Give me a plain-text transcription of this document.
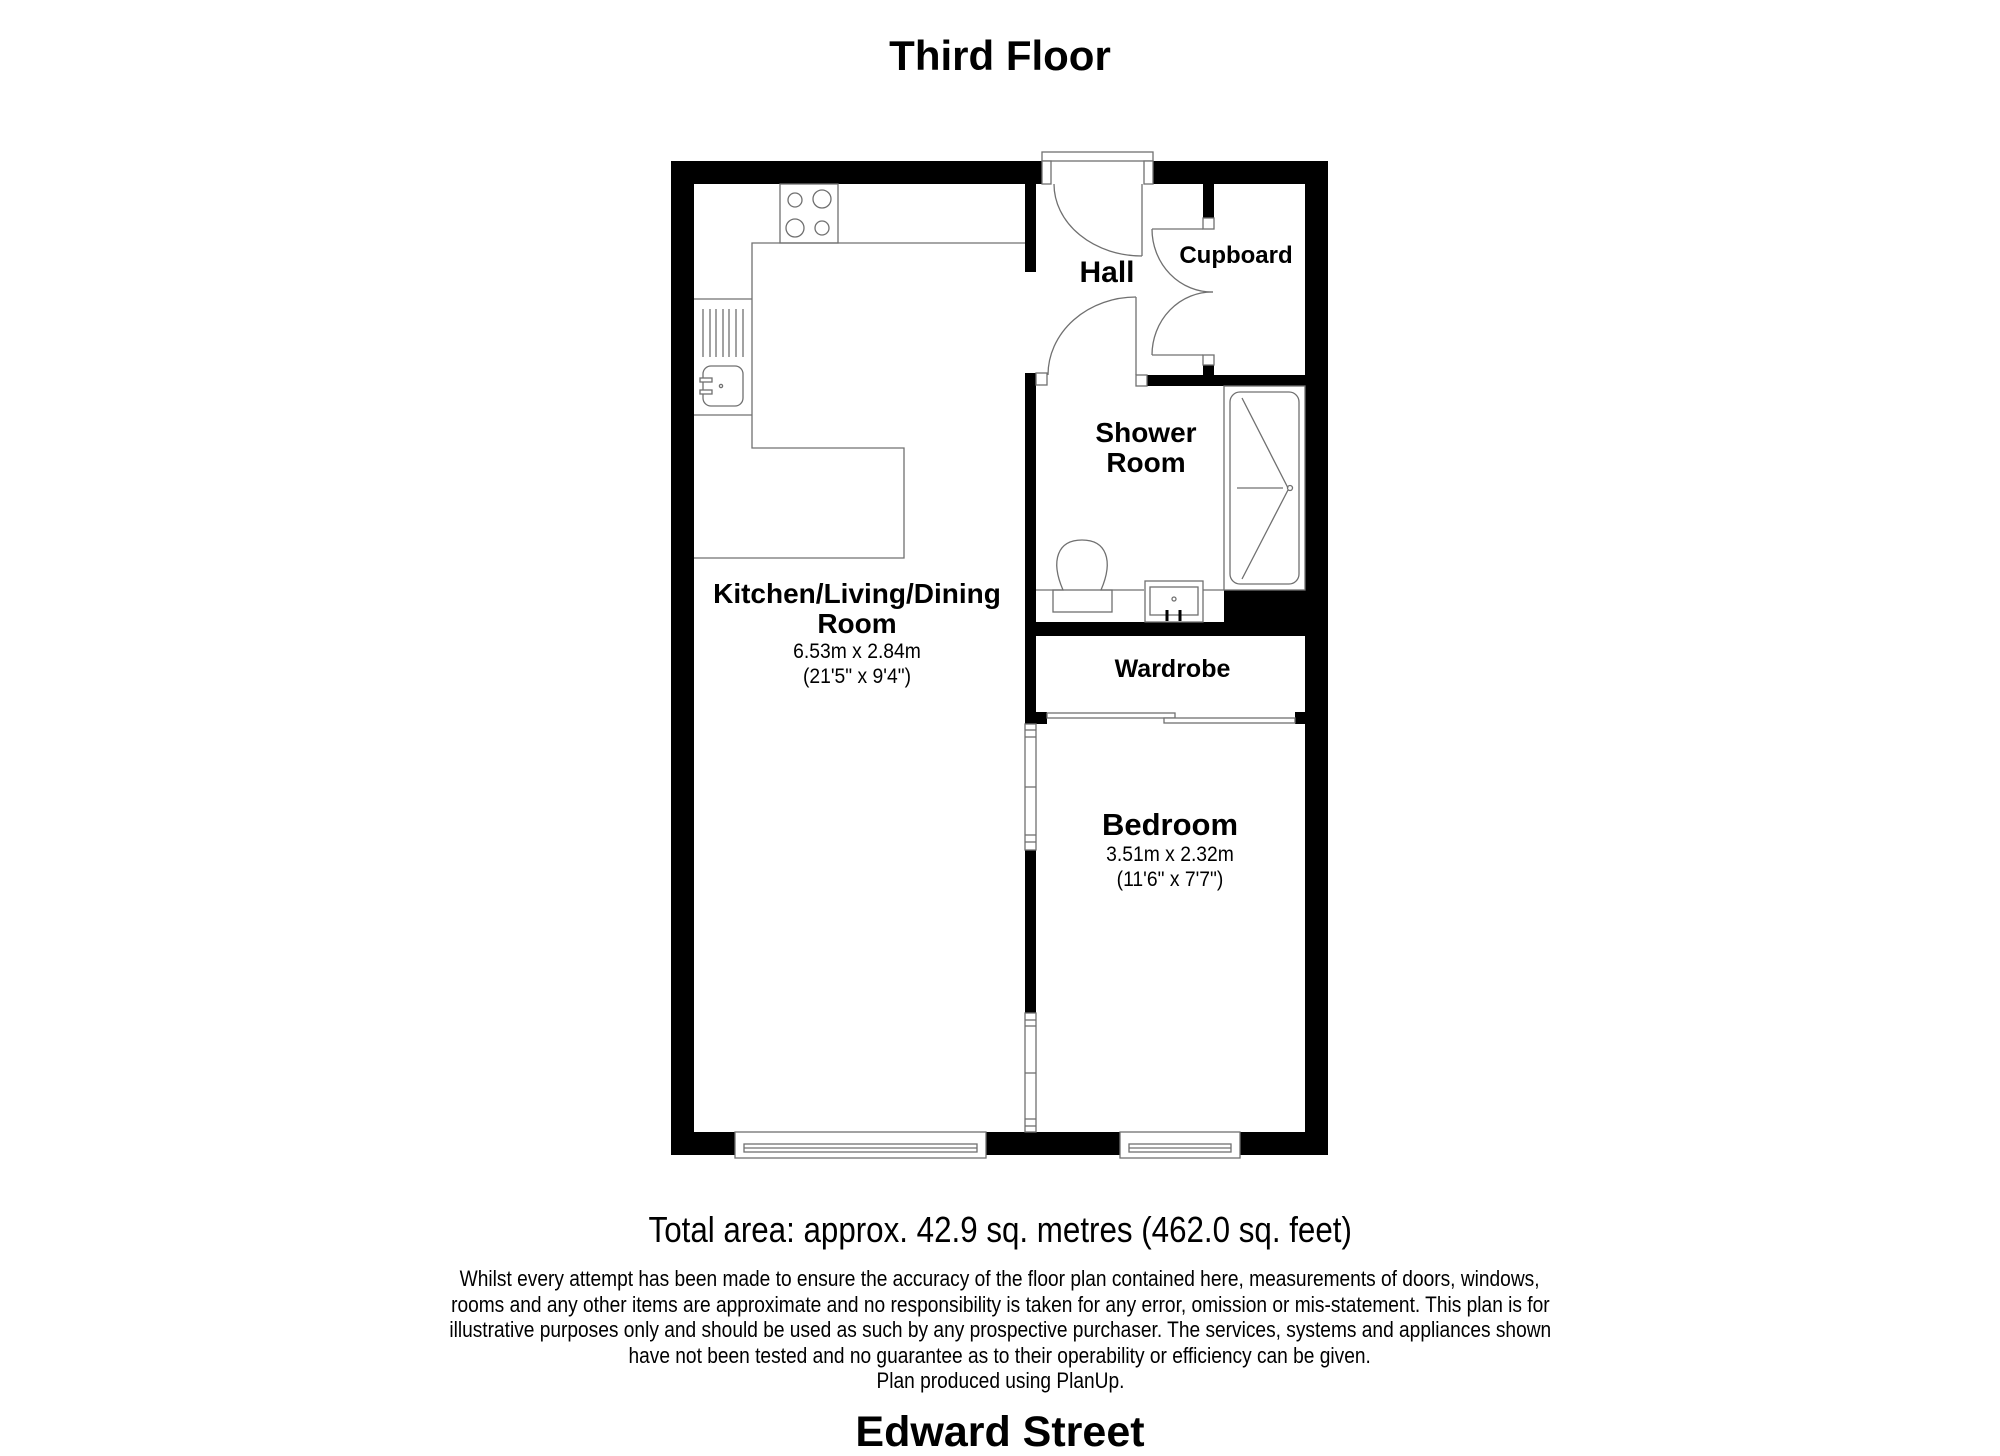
Third Floor
Kitchen/Living/Dining
Room
6.53m x 2.84m
(21'5" x 9'4")
Hall
Cupboard
Shower
Room
Wardrobe
Bedroom
3.51m x 2.32m
(11'6" x 7'7")
Total area: approx. 42.9 sq. metres (462.0 sq. feet)
Whilst every attempt has been made to ensure the accuracy of the floor plan contained here, measurements of doors, windows,
rooms and any other items are approximate and no responsibility is taken for any error, omission or mis-statement. This plan is for
illustrative purposes only and should be used as such by any prospective purchaser. The services, systems and appliances shown
have not been tested and no guarantee as to their operability or efficiency can be given.
Plan produced using PlanUp.
Edward Street
